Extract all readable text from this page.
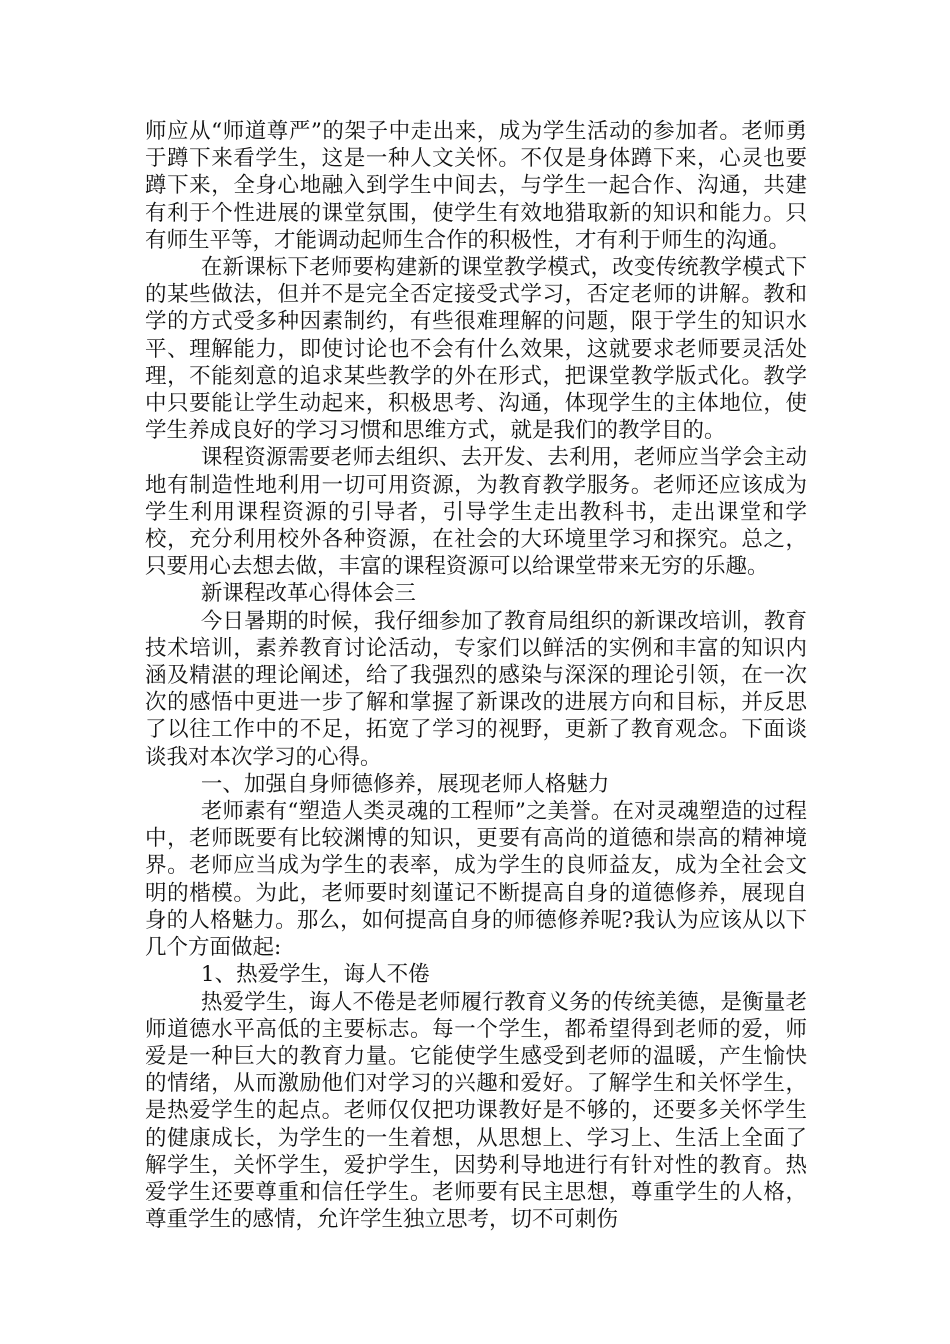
师应从“师道尊严”的架子中走出来，成为学生活动的参加者。老师勇于蹲下来看学生，这是一种人文关怀。不仅是身体蹲下来，心灵也要蹲下来，全身心地融入到学生中间去，与学生一起合作、沟通，共建有利于个性进展的课堂氛围，使学生有效地猎取新的知识和能力。只有师生平等，才能调动起师生合作的积极性，才有利于师生的沟通。

在新课标下老师要构建新的课堂教学模式，改变传统教学模式下的某些做法，但并不是完全否定接受式学习，否定老师的讲解。教和学的方式受多种因素制约，有些很难理解的问题，限于学生的知识水平、理解能力，即使讨论也不会有什么效果，这就要求老师要灵活处理，不能刻意的追求某些教学的外在形式，把课堂教学版式化。教学中只要能让学生动起来，积极思考、沟通，体现学生的主体地位，使学生养成良好的学习习惯和思维方式，就是我们的教学目的。

课程资源需要老师去组织、去开发、去利用，老师应当学会主动地有制造性地利用一切可用资源，为教育教学服务。老师还应该成为学生利用课程资源的引导者，引导学生走出教科书，走出课堂和学校，充分利用校外各种资源，在社会的大环境里学习和探究。总之，只要用心去想去做，丰富的课程资源可以给课堂带来无穷的乐趣。

新课程改革心得体会三

今日暑期的时候，我仔细参加了教育局组织的新课改培训，教育技术培训，素养教育讨论活动，专家们以鲜活的实例和丰富的知识内涵及精湛的理论阐述，给了我强烈的感染与深深的理论引领，在一次次的感悟中更进一步了解和掌握了新课改的进展方向和目标，并反思了以往工作中的不足，拓宽了学习的视野，更新了教育观念。下面谈谈我对本次学习的心得。

一、加强自身师德修养，展现老师人格魅力

老师素有“塑造人类灵魂的工程师”之美誉。在对灵魂塑造的过程中，老师既要有比较渊博的知识，更要有高尚的道德和崇高的精神境界。老师应当成为学生的表率，成为学生的良师益友，成为全社会文明的楷模。为此，老师要时刻谨记不断提高自身的道德修养，展现自身的人格魅力。那么，如何提高自身的师德修养呢?我认为应该从以下几个方面做起:

1、热爱学生，诲人不倦

热爱学生，诲人不倦是老师履行教育义务的传统美德，是衡量老师道德水平高低的主要标志。每一个学生，都希望得到老师的爱，师爱是一种巨大的教育力量。它能使学生感受到老师的温暖，产生愉快的情绪，从而激励他们对学习的兴趣和爱好。了解学生和关怀学生，是热爱学生的起点。老师仅仅把功课教好是不够的，还要多关怀学生的健康成长，为学生的一生着想，从思想上、学习上、生活上全面了解学生，关怀学生，爱护学生，因势利导地进行有针对性的教育。热爱学生还要尊重和信任学生。老师要有民主思想，尊重学生的人格，尊重学生的感情，允许学生独立思考，切不可刺伤
